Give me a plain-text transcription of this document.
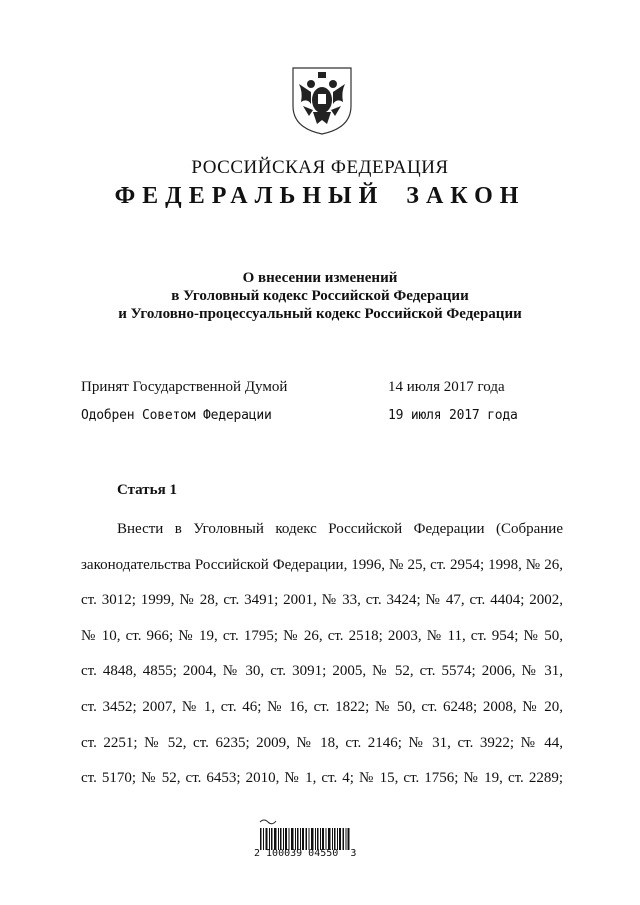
РОССИЙСКАЯ ФЕДЕРАЦИЯ
ФЕДЕРАЛЬНЫЙ ЗАКОН
О внесении изменений
в Уголовный кодекс Российской Федерации
и Уголовно-процессуальный кодекс Российской Федерации
Принят Государственной Думой	14 июля 2017 года
Одобрен Советом Федерации	19 июля 2017 года
Статья 1
Внести в Уголовный кодекс Российской Федерации (Собрание
законодательства Российской Федерации, 1996, № 25, ст. 2954; 1998, № 26,
ст. 3012; 1999, № 28, ст. 3491; 2001, № 33, ст. 3424; № 47, ст. 4404; 2002,
№ 10, ст. 966; № 19, ст. 1795; № 26, ст. 2518; 2003, № 11, ст. 954; № 50,
ст. 4848, 4855; 2004, № 30, ст. 3091; 2005, № 52, ст. 5574; 2006, № 31,
ст. 3452; 2007, № 1, ст. 46; № 16, ст. 1822; № 50, ст. 6248; 2008, № 20,
ст. 2251; № 52, ст. 6235; 2009, № 18, ст. 2146; № 31, ст. 3922; № 44,
ст. 5170; № 52, ст. 6453; 2010, № 1, ст. 4; № 15, ст. 1756; № 19, ст. 2289;
2 100039 04550  3
